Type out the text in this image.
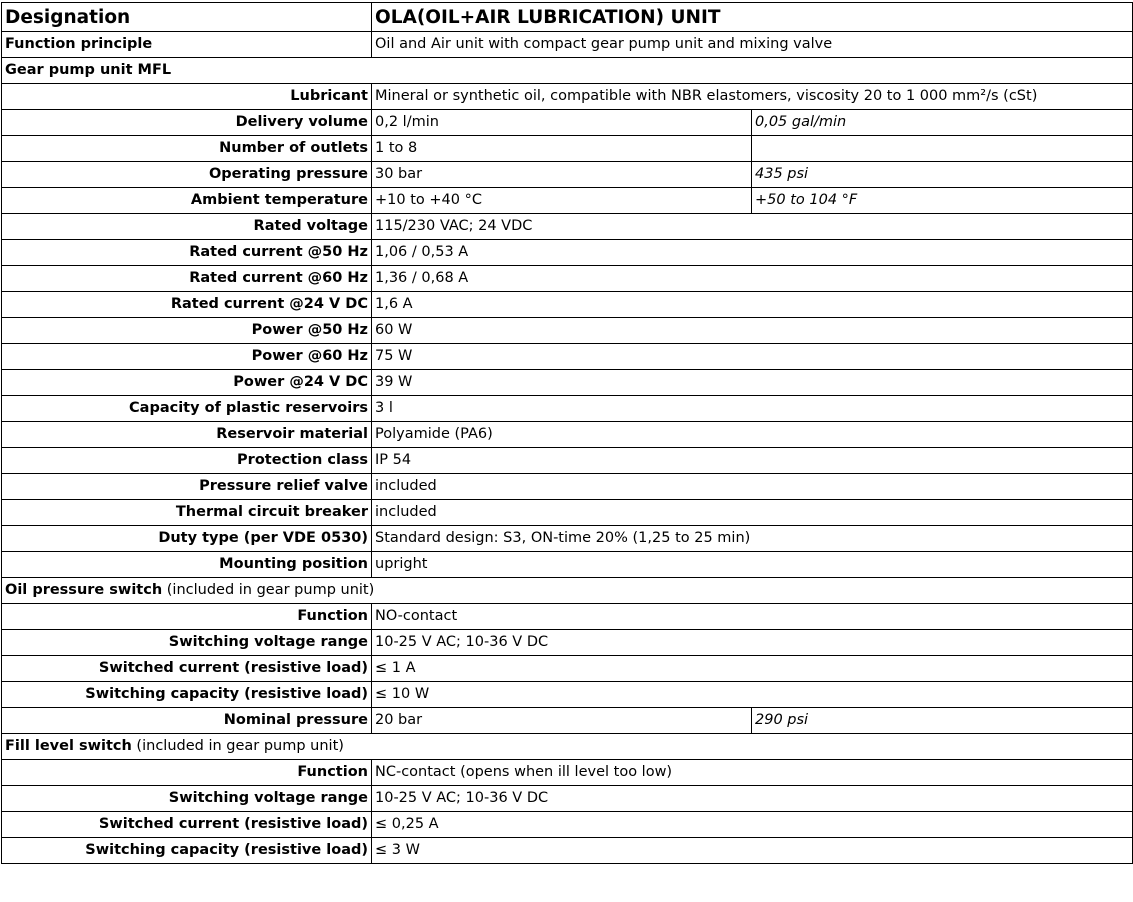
Designation	OLA(OIL+AIR LUBRICATION) UNIT	
Function principle	Oil and Air unit with compact gear pump unit and mixing valve	
Gear pump unit MFL		
Lubricant	Mineral or synthetic oil, compatible with NBR elastomers, viscosity 20 to 1 000 mm²/s (cSt)	
Delivery volume	0,2 l/min	0,05 gal/min
Number of outlets	1 to 8	
Operating pressure	30 bar	435 psi
Ambient temperature	+10 to +40 °C	+50 to 104 °F
Rated voltage	115/230 VAC; 24 VDC	
Rated current @50 Hz	1,06 / 0,53 A	
Rated current @60 Hz	1,36 / 0,68 A	
Rated current @24 V DC	1,6 A	
Power @50 Hz	60 W	
Power @60 Hz	75 W	
Power @24 V DC	39 W	
Capacity of plastic reservoirs	3 l	
Reservoir material	Polyamide (PA6)	
Protection class	IP 54	
Pressure relief valve	included	
Thermal circuit breaker	included	
Duty type (per VDE 0530)	Standard design: S3, ON-time 20% (1,25 to 25 min)	
Mounting position	upright	
Oil pressure switch (included in gear pump unit)		
Function	NO-contact	
Switching voltage range	10-25 V AC; 10-36 V DC	
Switched current (resistive load)	≤ 1 A	
Switching capacity (resistive load)	≤ 10 W	
Nominal pressure	20 bar	290 psi
Fill level switch (included in gear pump unit)		
Function	NC-contact (opens when ill level too low)	
Switching voltage range	10-25 V AC; 10-36 V DC	
Switched current (resistive load)	≤ 0,25 A	
Switching capacity (resistive load)	≤ 3 W	
